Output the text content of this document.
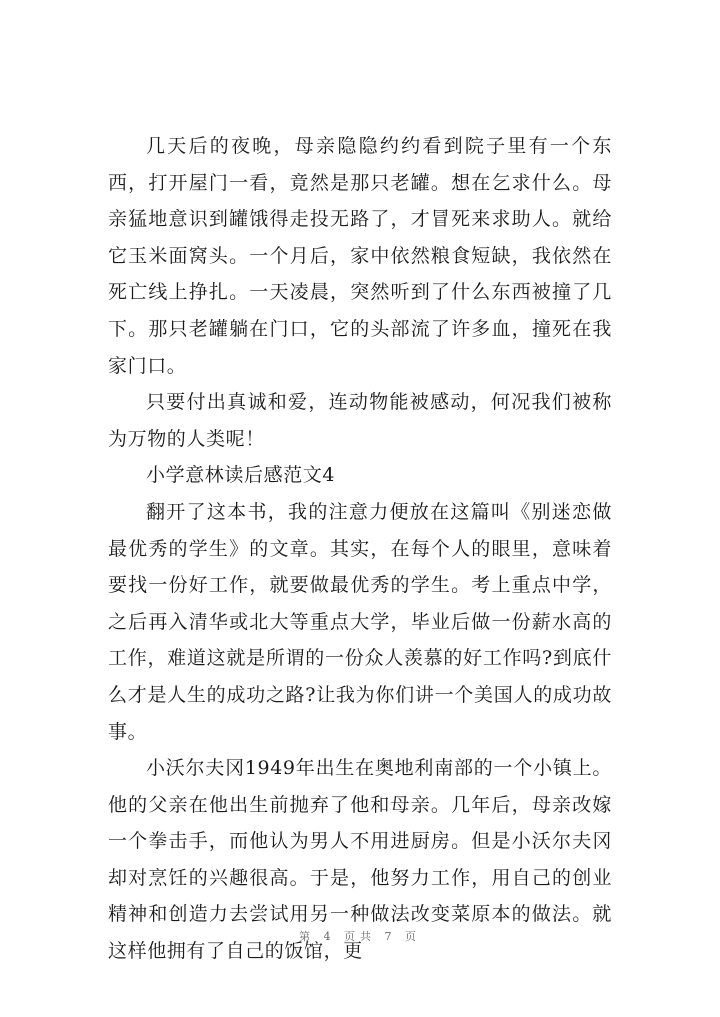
几天后的夜晚，母亲隐隐约约看到院子里有一个东西，打开屋门一看，竟然是那只老罐。想在乞求什么。母亲猛地意识到罐饿得走投无路了，才冒死来求助人。就给它玉米面窝头。一个月后，家中依然粮食短缺，我依然在死亡线上挣扎。一天凌晨，突然听到了什么东西被撞了几下。那只老罐躺在门口，它的头部流了许多血，撞死在我家门口。

只要付出真诚和爱，连动物能被感动，何况我们被称为万物的人类呢！

小学意林读后感范文4

翻开了这本书，我的注意力便放在这篇叫《别迷恋做最优秀的学生》的文章。其实，在每个人的眼里，意味着要找一份好工作，就要做最优秀的学生。考上重点中学，之后再入清华或北大等重点大学，毕业后做一份薪水高的工作，难道这就是所谓的一份众人羡慕的好工作吗?到底什么才是人生的成功之路?让我为你们讲一个美国人的成功故事。

小沃尔夫冈1949年出生在奥地利南部的一个小镇上。他的父亲在他出生前抛弃了他和母亲。几年后，母亲改嫁一个拳击手，而他认为男人不用进厨房。但是小沃尔夫冈却对烹饪的兴趣很高。于是，他努力工作，用自己的创业精神和创造力去尝试用另一种做法改变菜原本的做法。就这样他拥有了自己的饭馆，更

第 4 页共 7 页
